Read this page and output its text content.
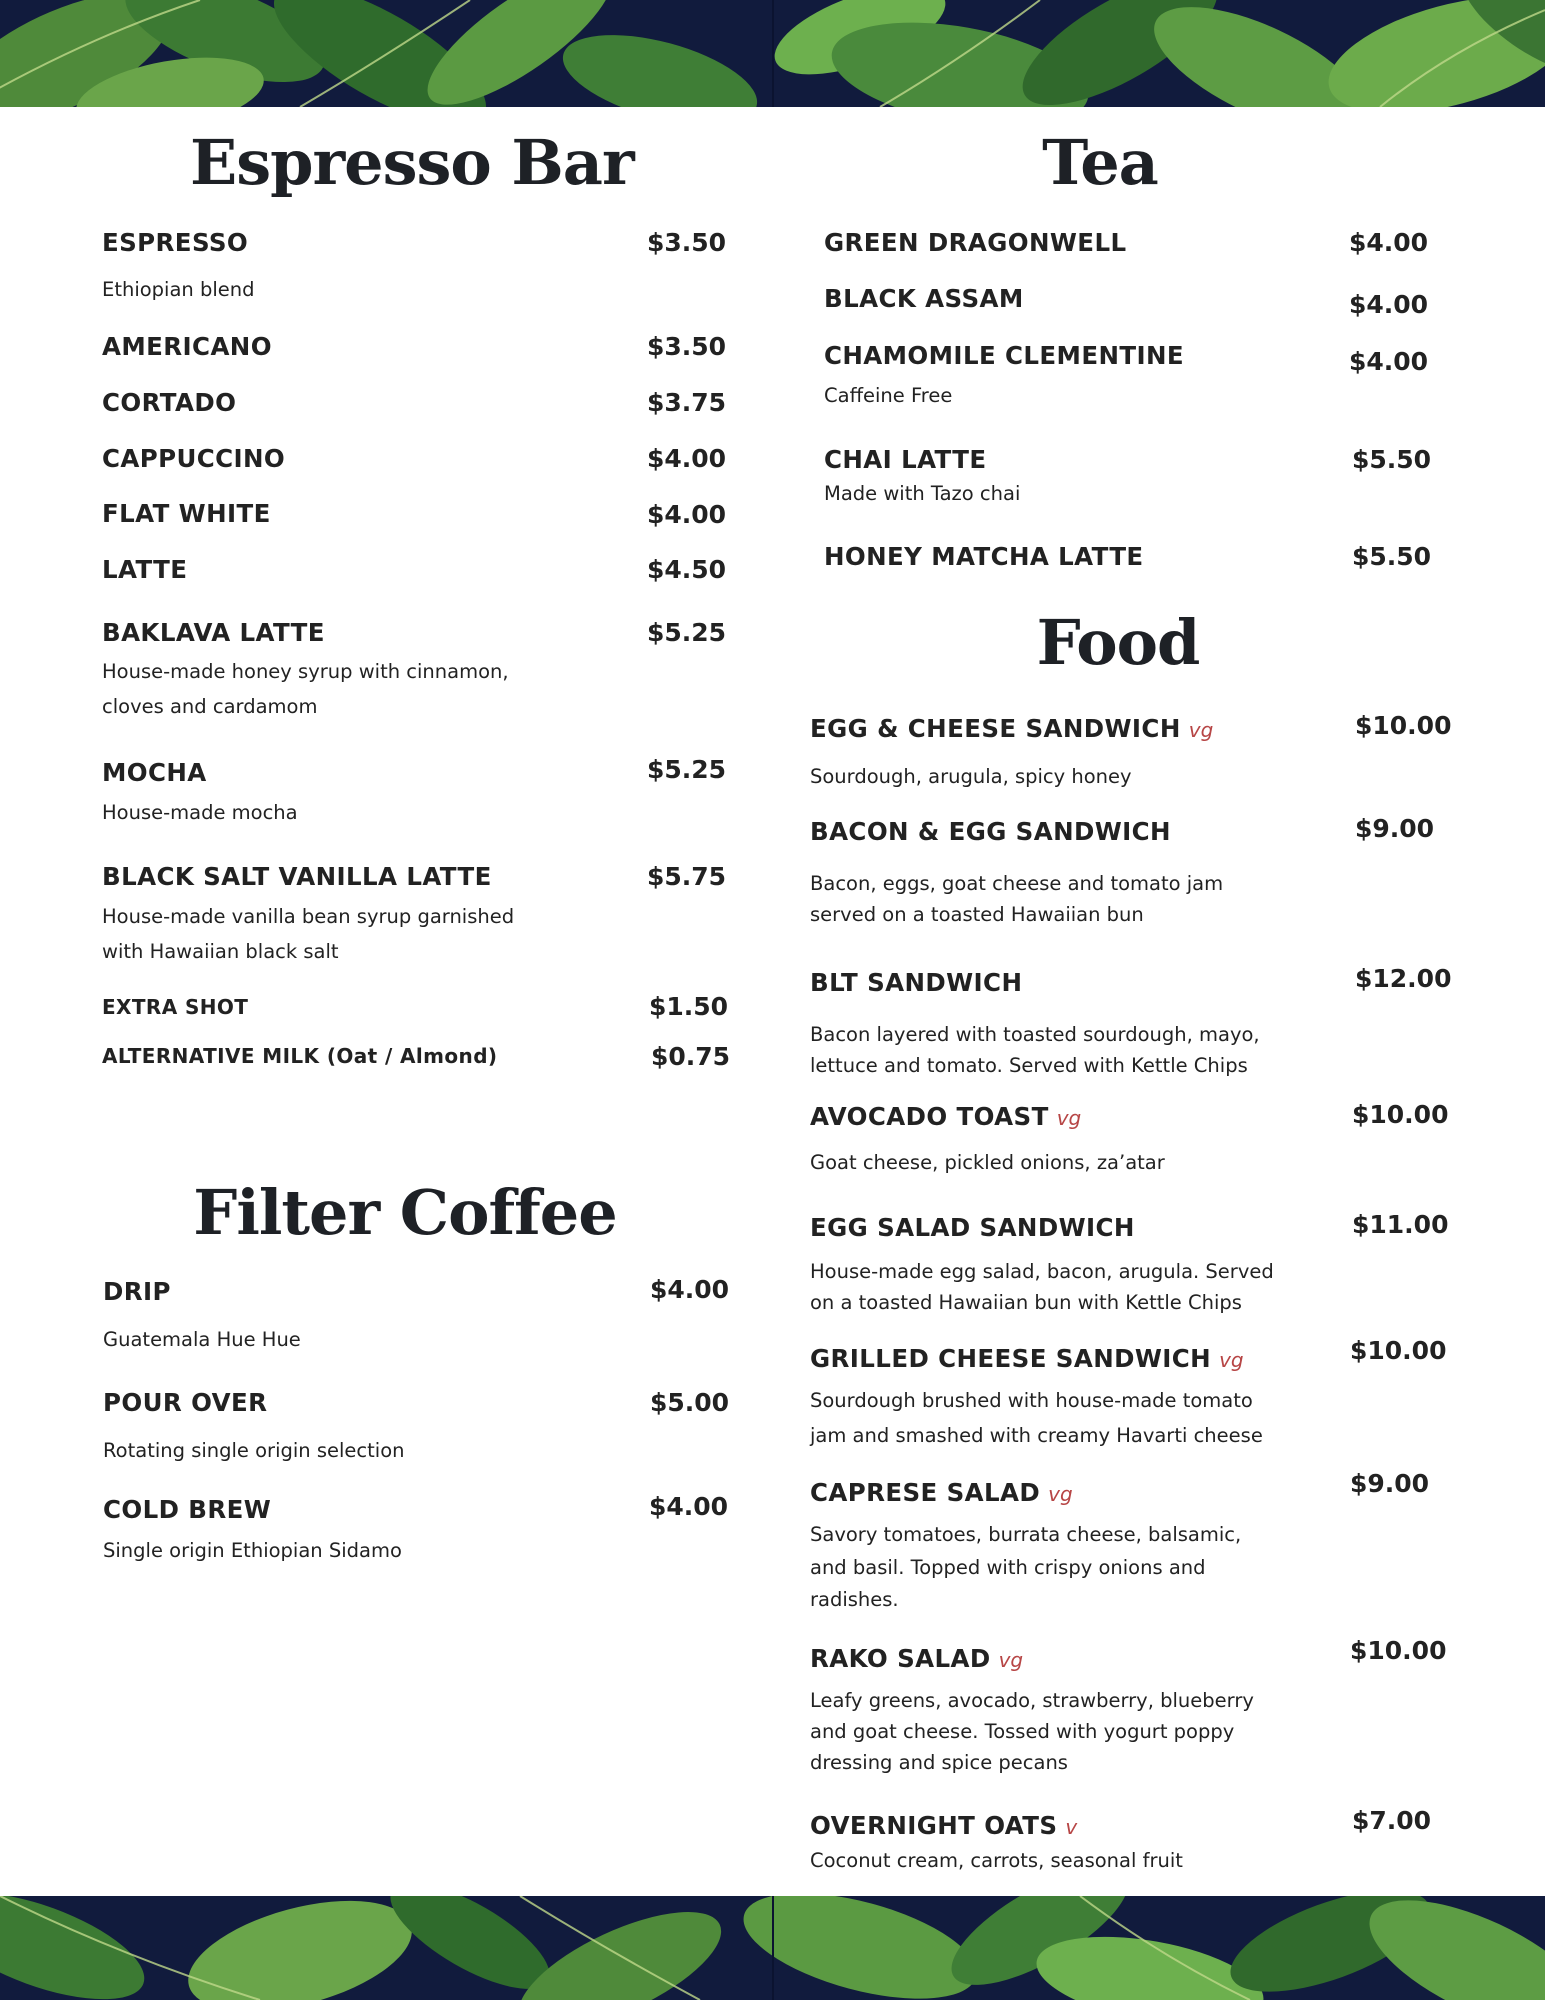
Espresso Bar
ESPRESSO	$3.50
Ethiopian blend
AMERICANO	$3.50
CORTADO	$3.75
CAPPUCCINO	$4.00
FLAT WHITE	$4.00
LATTE	$4.50
BAKLAVA LATTE	$5.25
House-made honey syrup with cinnamon,
cloves and cardamom
MOCHA	$5.25
House-made mocha
BLACK SALT VANILLA LATTE	$5.75
House-made vanilla bean syrup garnished
with Hawaiian black salt
EXTRA SHOT	$1.50
ALTERNATIVE MILK (Oat / Almond)	$0.75
Filter Coffee
DRIP	$4.00
Guatemala Hue Hue
POUR OVER	$5.00
Rotating single origin selection
COLD BREW	$4.00
Single origin Ethiopian Sidamo
Tea
GREEN DRAGONWELL	$4.00
BLACK ASSAM	$4.00
CHAMOMILE CLEMENTINE	$4.00
Caffeine Free
CHAI LATTE	$5.50
Made with Tazo chai
HONEY MATCHA LATTE	$5.50
Food
EGG & CHEESE SANDWICH vg	$10.00
Sourdough, arugula, spicy honey
BACON & EGG SANDWICH	$9.00
Bacon, eggs, goat cheese and tomato jam
served on a toasted Hawaiian bun
BLT SANDWICH	$12.00
Bacon layered with toasted sourdough, mayo,
lettuce and tomato. Served with Kettle Chips
AVOCADO TOAST vg	$10.00
Goat cheese, pickled onions, za’atar
EGG SALAD SANDWICH	$11.00
House-made egg salad, bacon, arugula. Served
on a toasted Hawaiian bun with Kettle Chips
GRILLED CHEESE SANDWICH vg	$10.00
Sourdough brushed with house-made tomato
jam and smashed with creamy Havarti cheese
CAPRESE SALAD vg	$9.00
Savory tomatoes, burrata cheese, balsamic,
and basil. Topped with crispy onions and
radishes.
RAKO SALAD vg	$10.00
Leafy greens, avocado, strawberry, blueberry
and goat cheese. Tossed with yogurt poppy
dressing and spice pecans
OVERNIGHT OATS v	$7.00
Coconut cream, carrots, seasonal fruit
